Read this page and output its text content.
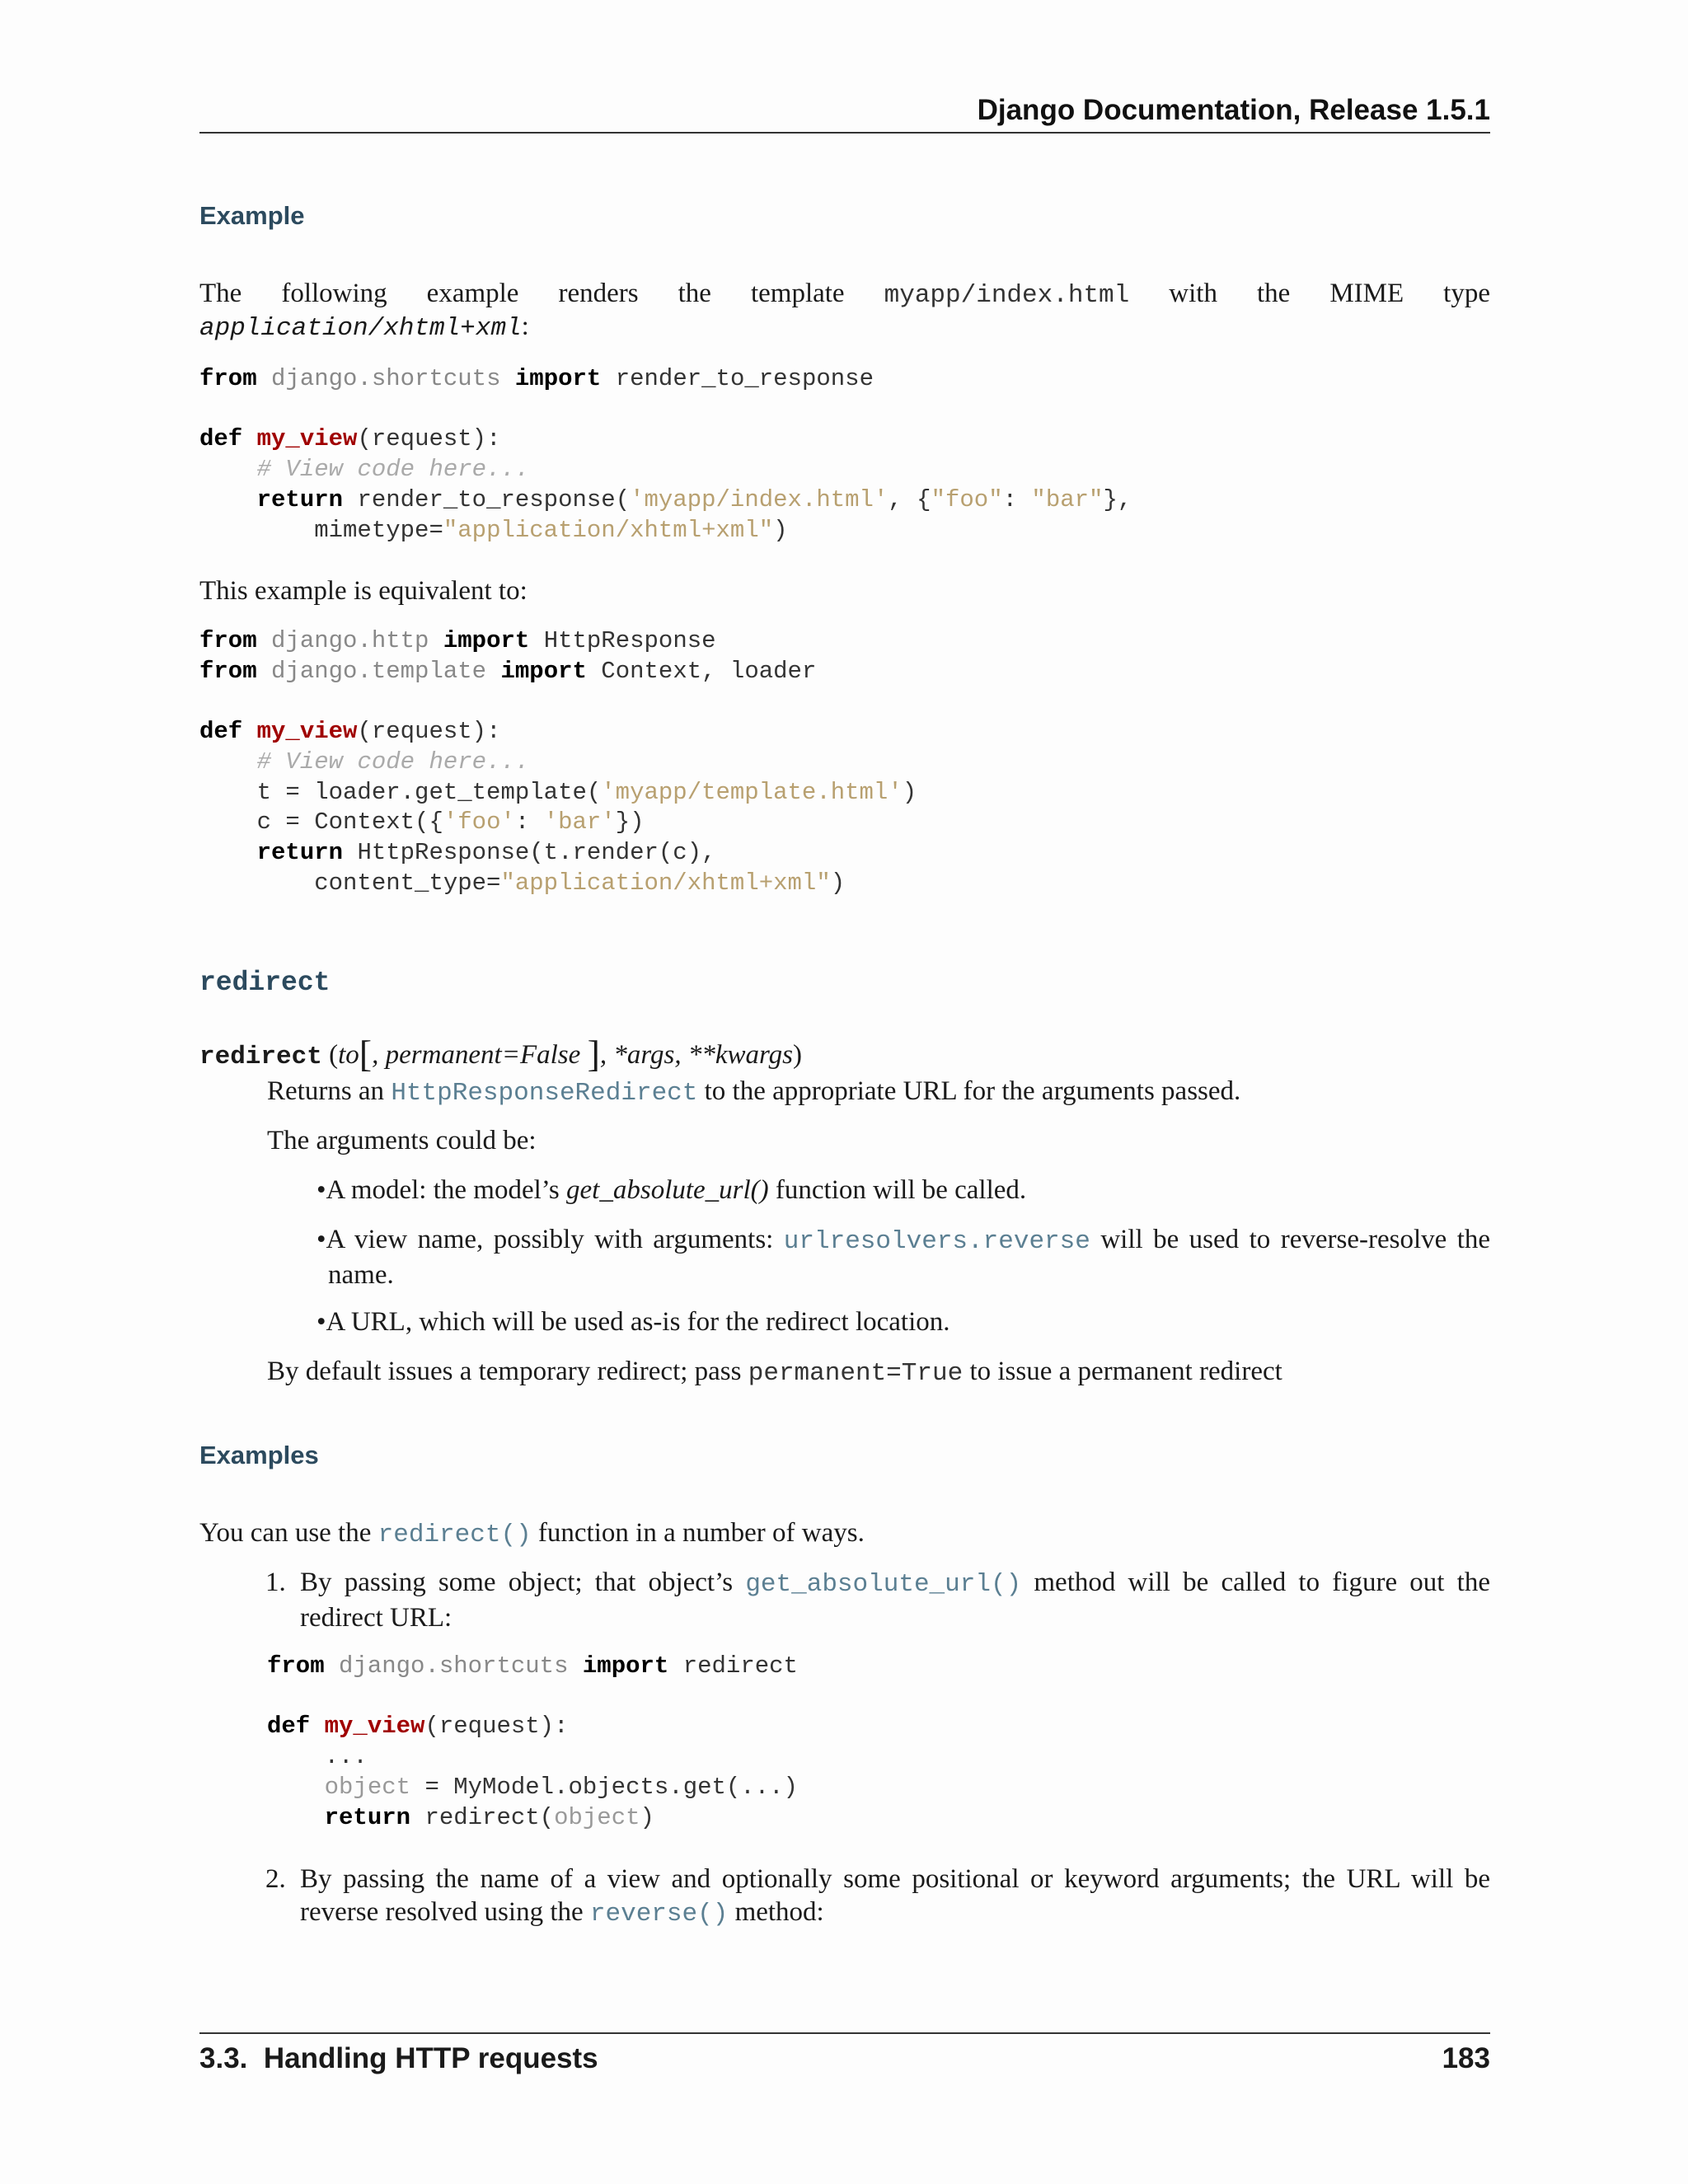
Django Documentation, Release 1.5.1
Example
The following example renders the template myapp/index.html with the MIME type
application/xhtml+xml:
from django.shortcuts import render_to_response

def my_view(request):
# View code here...
return render_to_response('myapp/index.html', {"foo": "bar"},
mimetype="application/xhtml+xml")
This example is equivalent to:
from django.http import HttpResponse
from django.template import Context, loader

def my_view(request):
# View code here...
t = loader.get_template('myapp/template.html')
c = Context({'foo': 'bar'})
return HttpResponse(t.render(c),
content_type="application/xhtml+xml")
redirect
redirect (to[, permanent=False ], *args, **kwargs)
Returns an HttpResponseRedirect to the appropriate URL for the arguments passed.
The arguments could be:
•A model: the model’s get_absolute_url() function will be called.
•A view name, possibly with arguments: urlresolvers.reverse will be used to reverse-resolve the
name.
•A URL, which will be used as-is for the redirect location.
By default issues a temporary redirect; pass permanent=True to issue a permanent redirect
Examples
You can use the redirect() function in a number of ways.
1. By passing some object; that object’s get_absolute_url() method will be called to figure out the redirect URL:
from django.shortcuts import redirect

def my_view(request):
...
object = MyModel.objects.get(...)
return redirect(object)
2. By passing the name of a view and optionally some positional or keyword arguments; the URL will be reverse resolved using the reverse() method:
3.3.  Handling HTTP requests	183
